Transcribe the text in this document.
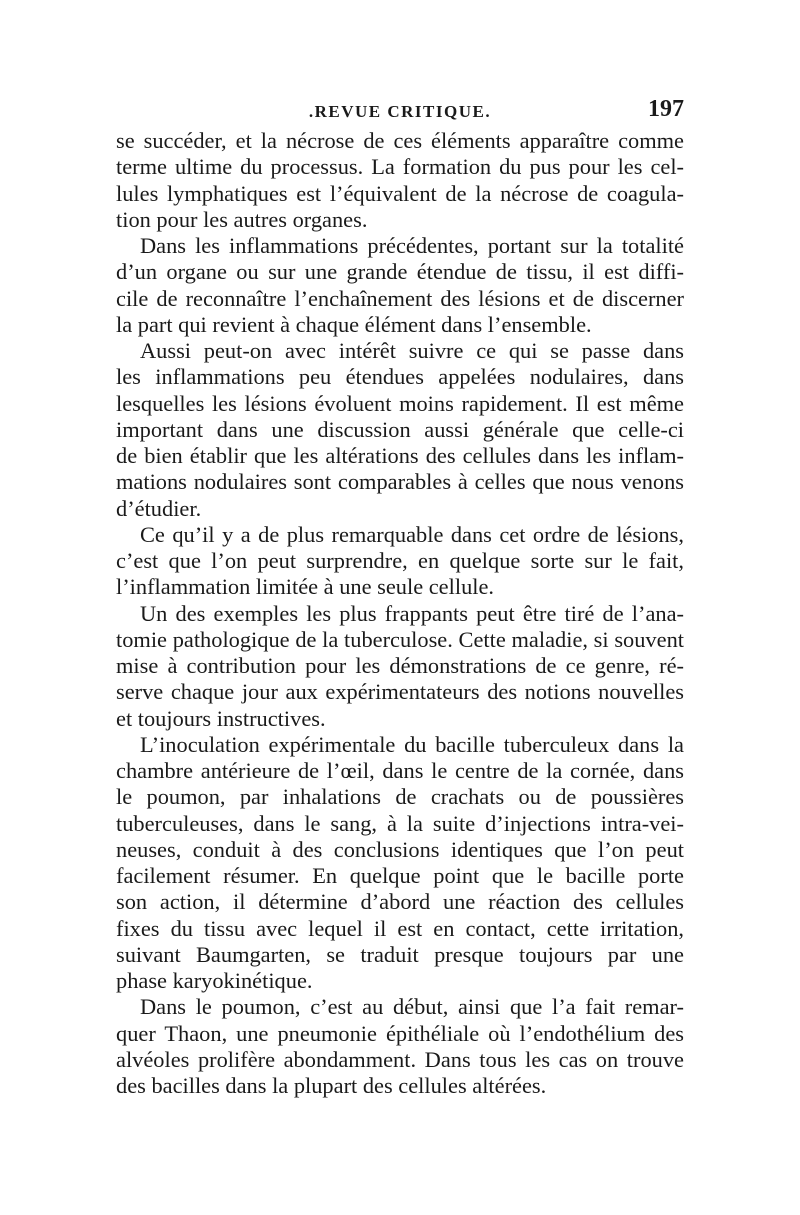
.REVUE CRITIQUE.	197
se succéder, et la nécrose de ces éléments apparaître comme
terme ultime du processus. La formation du pus pour les cel-
lules lymphatiques est l’équivalent de la nécrose de coagula-
tion pour les autres organes.
Dans les inflammations précédentes, portant sur la totalité
d’un organe ou sur une grande étendue de tissu, il est diffi-
cile de reconnaître l’enchaînement des lésions et de discerner
la part qui revient à chaque élément dans l’ensemble.
Aussi peut-on avec intérêt suivre ce qui se passe dans
les inflammations peu étendues appelées nodulaires, dans
lesquelles les lésions évoluent moins rapidement. Il est même
important dans une discussion aussi générale que celle-ci
de bien établir que les altérations des cellules dans les inflam-
mations nodulaires sont comparables à celles que nous venons
d’étudier.
Ce qu’il y a de plus remarquable dans cet ordre de lésions,
c’est que l’on peut surprendre, en quelque sorte sur le fait,
l’inflammation limitée à une seule cellule.
Un des exemples les plus frappants peut être tiré de l’ana-
tomie pathologique de la tuberculose. Cette maladie, si souvent
mise à contribution pour les démonstrations de ce genre, ré-
serve chaque jour aux expérimentateurs des notions nouvelles
et toujours instructives.
L’inoculation expérimentale du bacille tuberculeux dans la
chambre antérieure de l’œil, dans le centre de la cornée, dans
le poumon, par inhalations de crachats ou de poussières
tuberculeuses, dans le sang, à la suite d’injections intra-vei-
neuses, conduit à des conclusions identiques que l’on peut
facilement résumer. En quelque point que le bacille porte
son action, il détermine d’abord une réaction des cellules
fixes du tissu avec lequel il est en contact, cette irritation,
suivant Baumgarten, se traduit presque toujours par une
phase karyokinétique.
Dans le poumon, c’est au début, ainsi que l’a fait remar-
quer Thaon, une pneumonie épithéliale où l’endothélium des
alvéoles prolifère abondamment. Dans tous les cas on trouve
des bacilles dans la plupart des cellules altérées.
